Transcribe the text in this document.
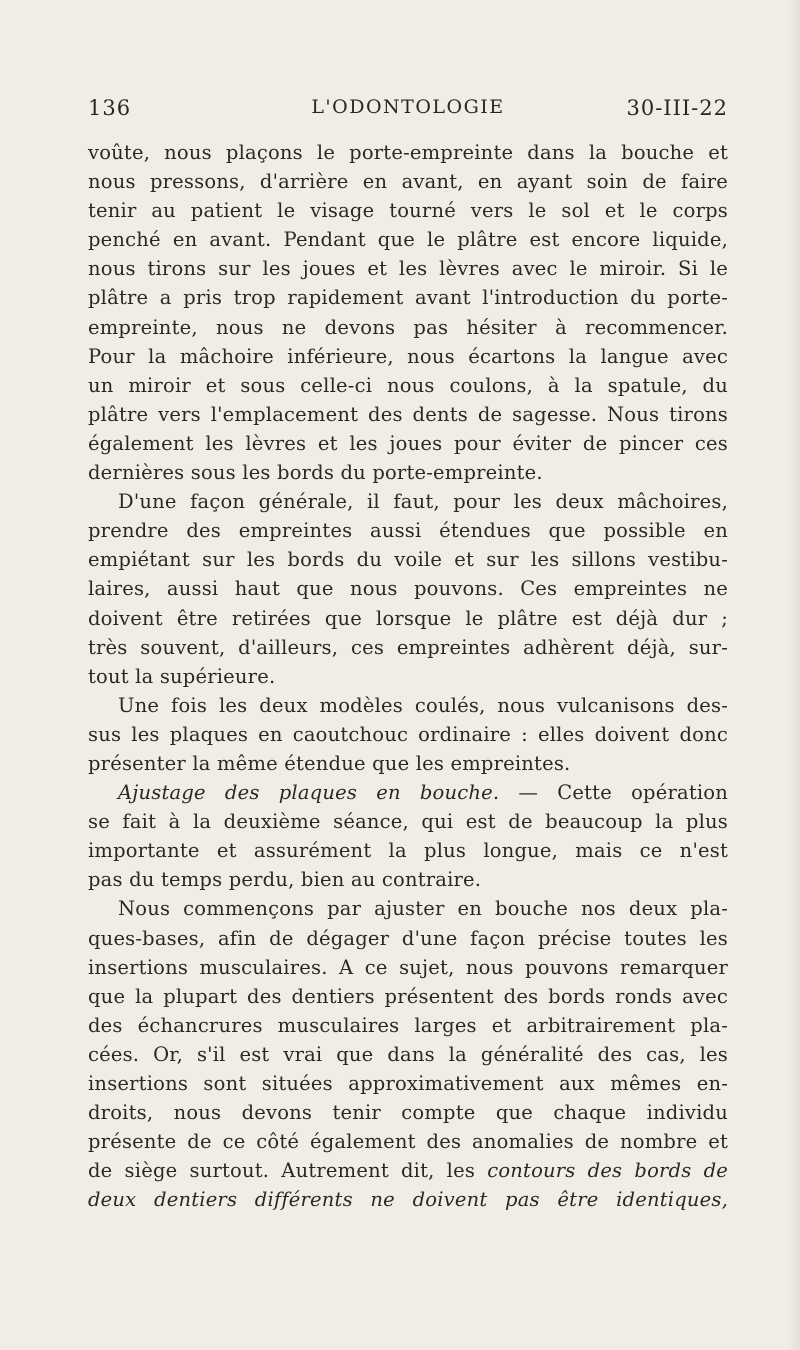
136	L'ODONTOLOGIE	30-III-22
voûte, nous plaçons le porte-empreinte dans la bouche et
nous pressons, d'arrière en avant, en ayant soin de faire
tenir au patient le visage tourné vers le sol et le corps
penché en avant. Pendant que le plâtre est encore liquide,
nous tirons sur les joues et les lèvres avec le miroir. Si le
plâtre a pris trop rapidement avant l'introduction du porte-
empreinte, nous ne devons pas hésiter à recommencer.
Pour la mâchoire inférieure, nous écartons la langue avec
un miroir et sous celle-ci nous coulons, à la spatule, du
plâtre vers l'emplacement des dents de sagesse. Nous tirons
également les lèvres et les joues pour éviter de pincer ces
dernières sous les bords du porte-empreinte.
D'une façon générale, il faut, pour les deux mâchoires,
prendre des empreintes aussi étendues que possible en
empiétant sur les bords du voile et sur les sillons vestibu-
laires, aussi haut que nous pouvons. Ces empreintes ne
doivent être retirées que lorsque le plâtre est déjà dur ;
très souvent, d'ailleurs, ces empreintes adhèrent déjà, sur-
tout la supérieure.
Une fois les deux modèles coulés, nous vulcanisons des-
sus les plaques en caoutchouc ordinaire : elles doivent donc
présenter la même étendue que les empreintes.
Ajustage des plaques en bouche. — Cette opération
se fait à la deuxième séance, qui est de beaucoup la plus
importante et assurément la plus longue, mais ce n'est
pas du temps perdu, bien au contraire.
Nous commençons par ajuster en bouche nos deux pla-
ques-bases, afin de dégager d'une façon précise toutes les
insertions musculaires. A ce sujet, nous pouvons remarquer
que la plupart des dentiers présentent des bords ronds avec
des échancrures musculaires larges et arbitrairement pla-
cées. Or, s'il est vrai que dans la généralité des cas, les
insertions sont situées approximativement aux mêmes en-
droits, nous devons tenir compte que chaque individu
présente de ce côté également des anomalies de nombre et
de siège surtout. Autrement dit, les contours des bords de
deux dentiers différents ne doivent pas être identiques,
